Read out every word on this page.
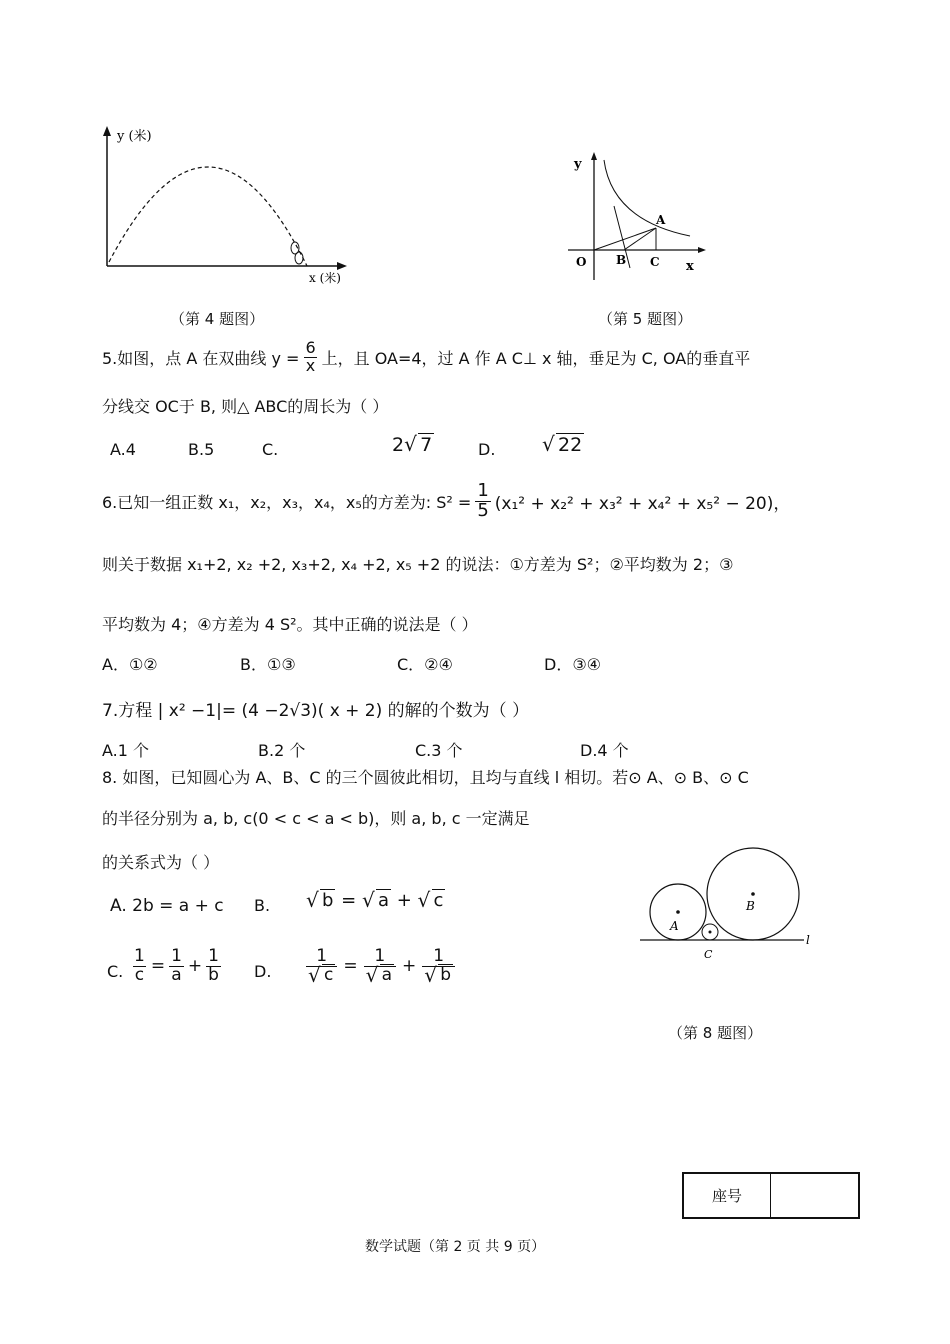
y (米)
x (米)
（第 4 题图）
y
A
O B C x
（第 5 题图）
5.如图，点 A 在双曲线 $y = \frac{6}{x}$ 上，且 OA=4，过 A 作 A C⊥ x 轴，垂足为 C, OA的垂直平
分线交 OC于 B, 则△ ABC的周长为（ ）
A.4	B.5	C.	2 √ 7	D.	√ 22
6.已知一组正数 x₁，x₂，x₃，x₄，x₅的方差为: $S^2 = \frac{1}{5} (x_1^2 + x_2^2 + x_3^2 + x_4^2 + x_5^2 - 20)$，
则关于数据 x₁+2, x₂ +2, x₃+2, x₄ +2, x₅ +2 的说法：①方差为 S²；②平均数为 2；③
平均数为 4；④方差为 4 S²。其中正确的说法是（ ）
A．①②	B．①③	C．②④	D．③④
7.方程 | x² −1|= (4 −2√3)( x + 2) 的解的个数为（ ）
A.1 个	B.2 个	C.3 个	D.4 个
8. 如图，已知圆心为 A、B、C 的三个圆彼此相切，且均与直线 l 相切。若⊙ A、⊙ B、⊙ C
的半径分别为 a, b, c(0 < c < a < b)，则 a, b, c 一定满足
的关系式为（ ）
A. 2b = a + c B.	√ b = √ a + √ c
C. $\frac{1}{c} = \frac{1}{a} + \frac{1}{b} D$. 1
√ c = 1
√ a + 1
√ b
A
B
C
l
（第 8 题图）
座号
数学试题（第 2 页 共 9 页）
